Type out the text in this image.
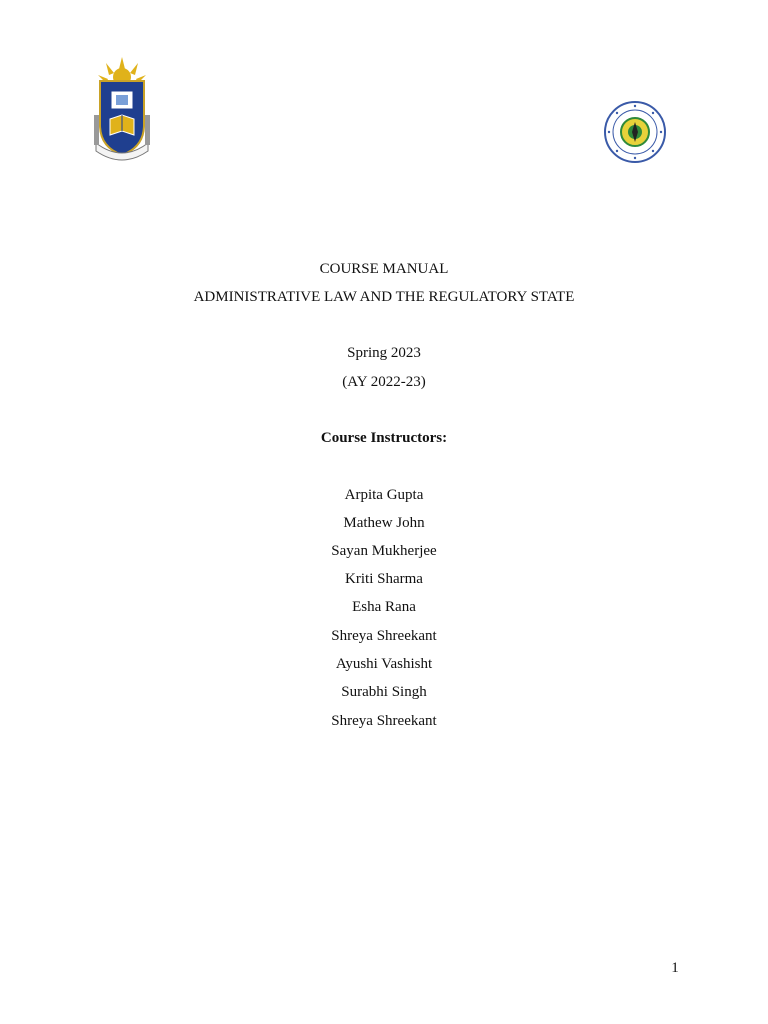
COURSE MANUAL
ADMINISTRATIVE LAW AND THE REGULATORY STATE
Spring 2023
(AY 2022-23)
Course Instructors:
Arpita Gupta
Mathew John
Sayan Mukherjee
Kriti Sharma
Esha Rana
Shreya Shreekant
Ayushi Vashisht
Surabhi Singh
Shreya Shreekant
1
